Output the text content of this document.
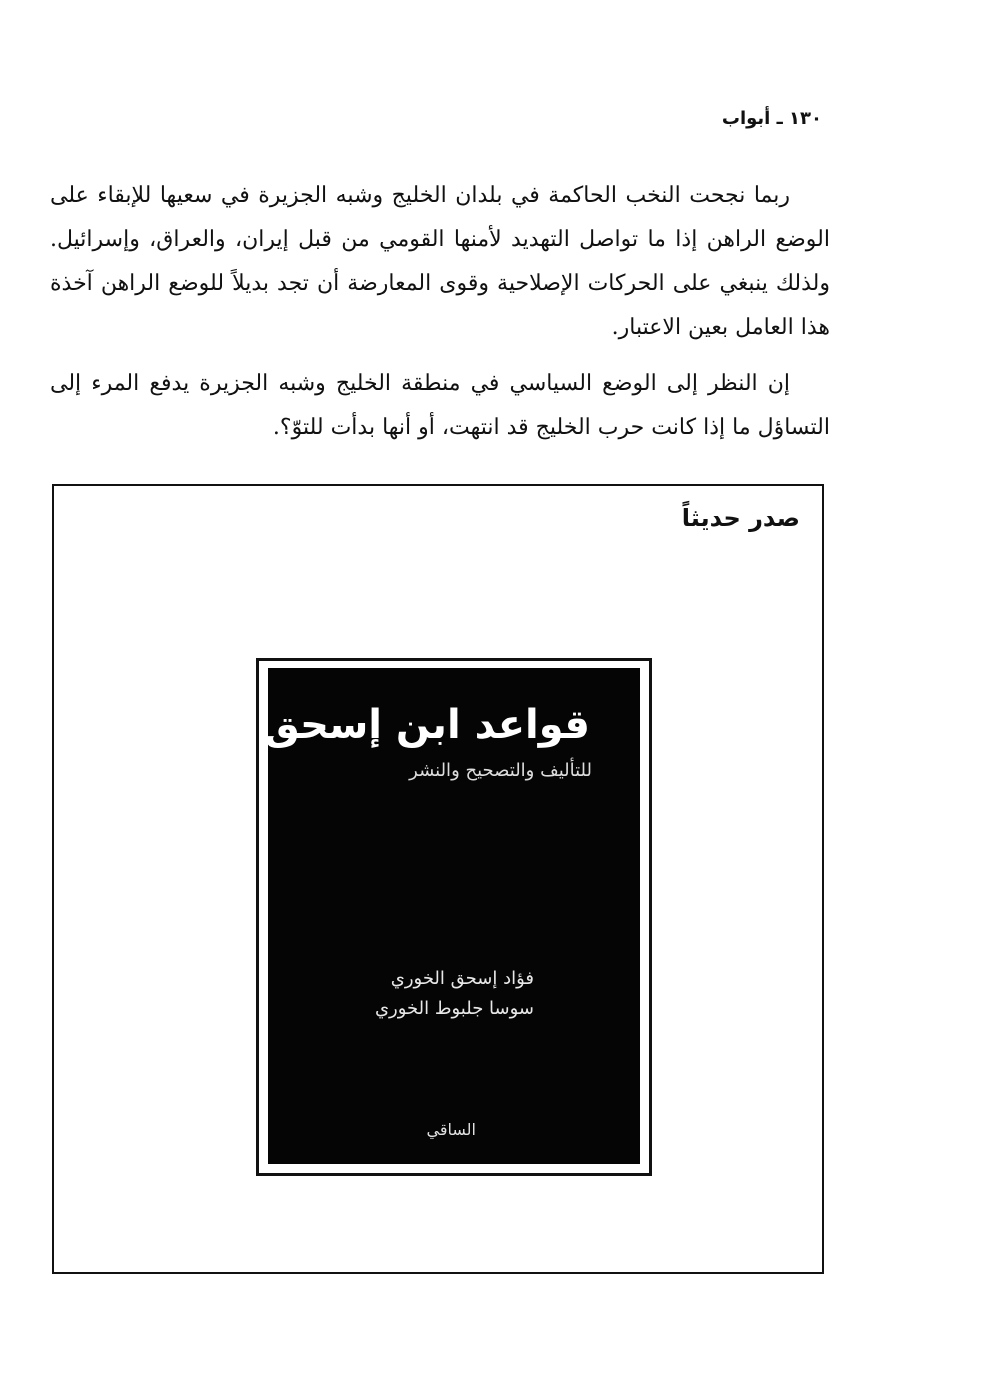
١٣٠ ـ أبواب

ربما نجحت النخب الحاكمة في بلدان الخليج وشبه الجزيرة في سعيها للإبقاء على الوضع الراهن إذا ما تواصل التهديد لأمنها القومي من قبل إيران، والعراق، وإسرائيل. ولذلك ينبغي على الحركات الإصلاحية وقوى المعارضة أن تجد بديلاً للوضع الراهن آخذة هذا العامل بعين الاعتبار.

إن النظر إلى الوضع السياسي في منطقة الخليج وشبه الجزيرة يدفع المرء إلى التساؤل ما إذا كانت حرب الخليج قد انتهت، أو أنها بدأت للتوّ؟.

صدر حديثاً
قواعد ابن إسحق
للتأليف والتصحيح والنشر
فؤاد إسحق الخوري
سوسا جلبوط الخوري
الساقي
